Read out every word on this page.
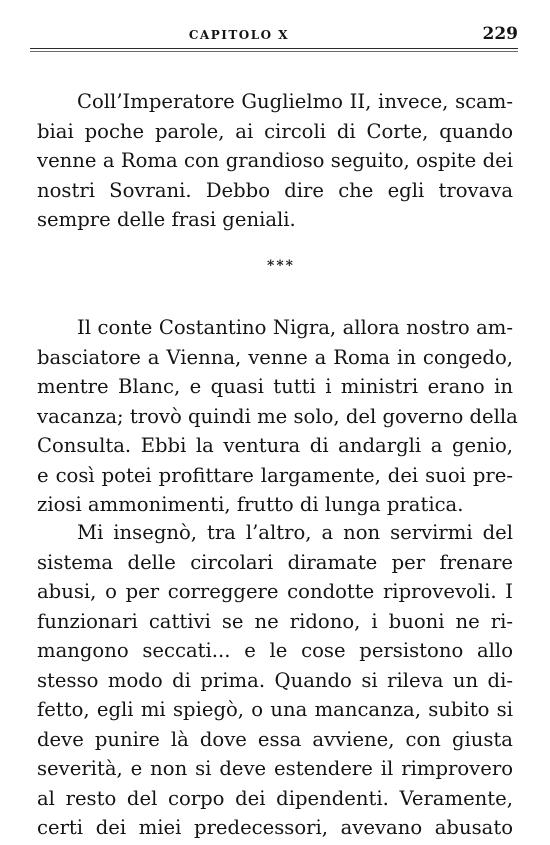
CAPITOLO X	229
Coll’Imperatore Guglielmo II, invece, scam-
biai poche parole, ai circoli di Corte, quando
venne a Roma con grandioso seguito, ospite dei
nostri Sovrani. Debbo dire che egli trovava
sempre delle frasi geniali.
***
Il conte Costantino Nigra, allora nostro am-
basciatore a Vienna, venne a Roma in congedo,
mentre Blanc, e quasi tutti i ministri erano in
vacanza; trovò quindi me solo, del governo della
Consulta. Ebbi la ventura di andargli a genio,
e così potei profittare largamente, dei suoi pre-
ziosi ammonimenti, frutto di lunga pratica.
Mi insegnò, tra l’altro, a non servirmi del
sistema delle circolari diramate per frenare
abusi, o per correggere condotte riprovevoli. I
funzionari cattivi se ne ridono, i buoni ne ri-
mangono seccati... e le cose persistono allo
stesso modo di prima. Quando si rileva un di-
fetto, egli mi spiegò, o una mancanza, subito si
deve punire là dove essa avviene, con giusta
severità, e non si deve estendere il rimprovero
al resto del corpo dei dipendenti. Veramente,
certi dei miei predecessori, avevano abusato
